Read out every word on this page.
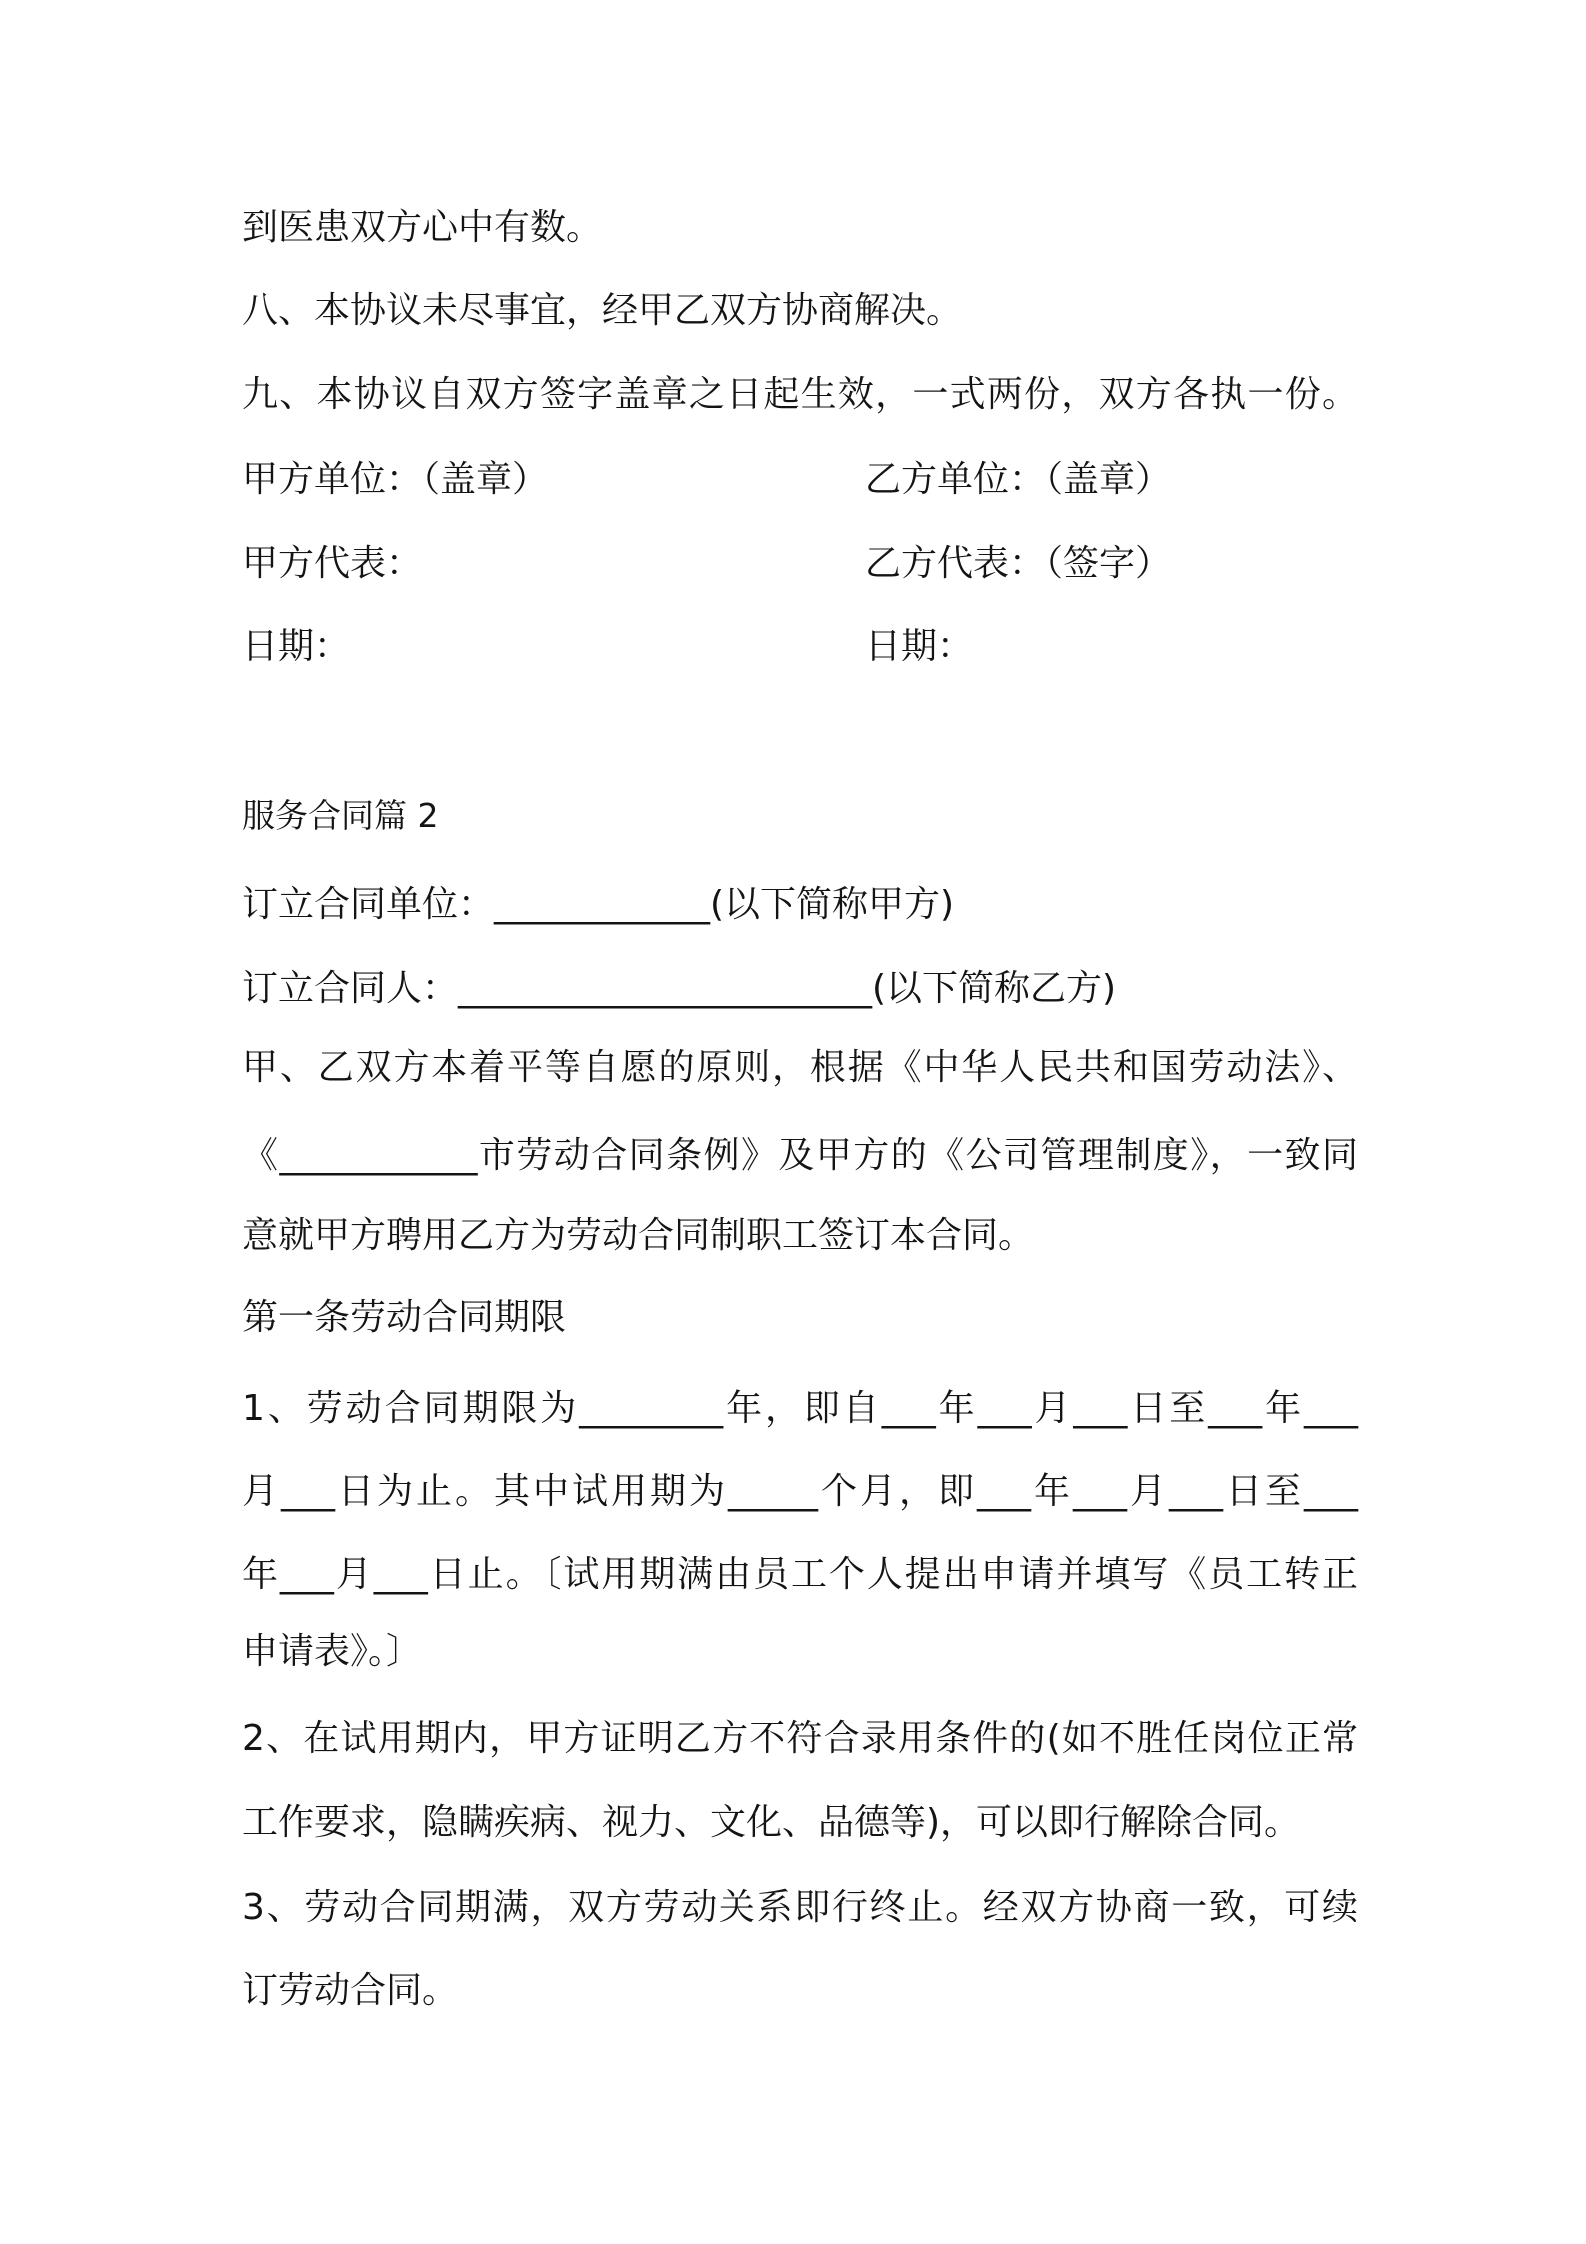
到医患双方心中有数。
八、本协议未尽事宜，经甲乙双方协商解决。
九、本协议自双方签字盖章之日起生效，一式两份，双方各执一份。
甲方单位：（盖章）	乙方单位：（盖章）
甲方代表：	乙方代表：（签字）
日期：	日期：
服务合同篇 2
订立合同单位：____________(以下简称甲方)
订立合同人：_______________________(以下简称乙方)
甲、乙双方本着平等自愿的原则，根据《中华人民共和国劳动法》、
《___________市劳动合同条例》及甲方的《公司管理制度》，一致同
意就甲方聘用乙方为劳动合同制职工签订本合同。
第一条劳动合同期限
1、劳动合同期限为________年，即自___年___月___日至___年___
月___日为止。其中试用期为_____个月，即___年___月___日至___
年___月___日止。〔试用期满由员工个人提出申请并填写《员工转正
申请表》。〕
2、在试用期内，甲方证明乙方不符合录用条件的(如不胜任岗位正常
工作要求，隐瞒疾病、视力、文化、品德等)，可以即行解除合同。
3、劳动合同期满，双方劳动关系即行终止。经双方协商一致，可续
订劳动合同。
